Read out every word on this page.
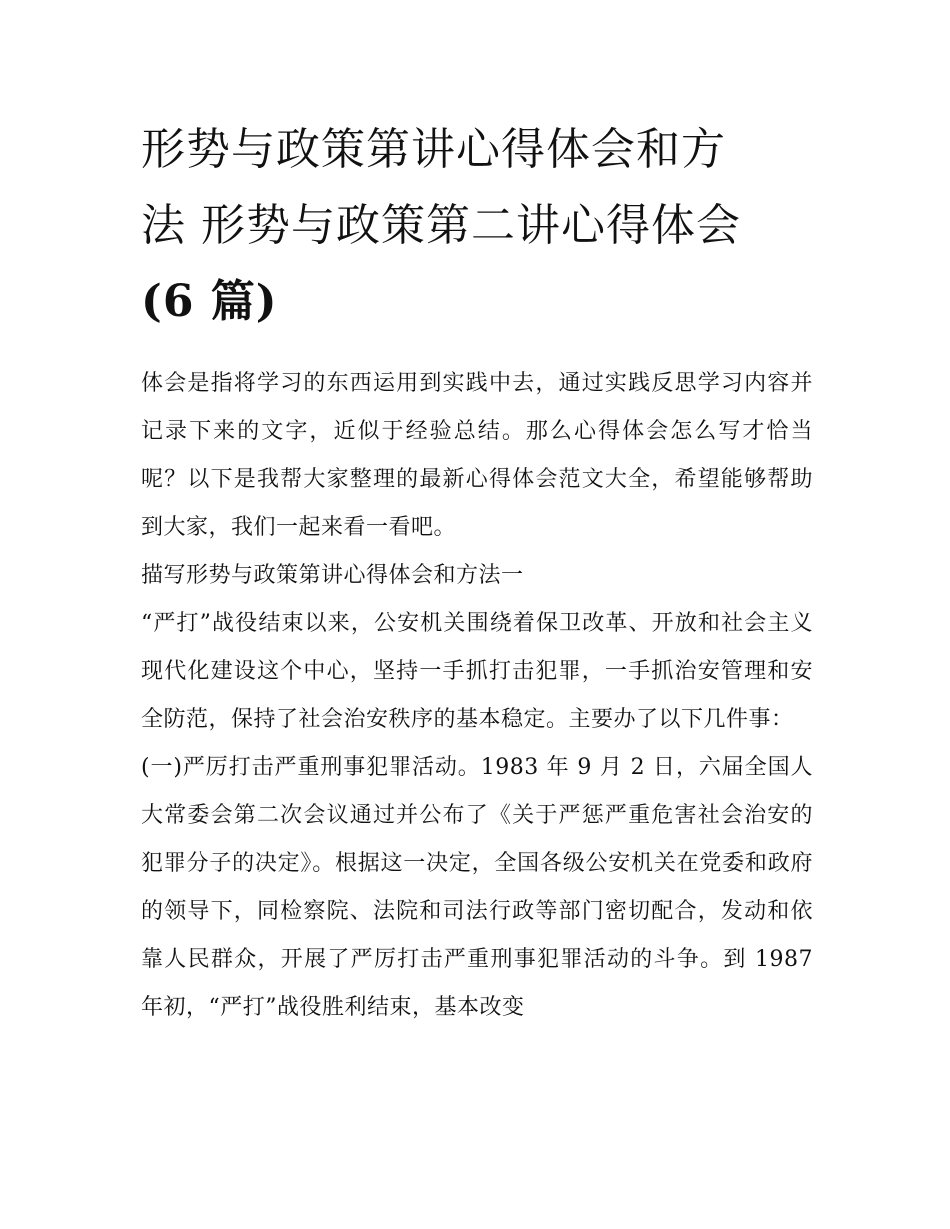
形势与政策第讲心得体会和方
法 形势与政策第二讲心得体会
(6 篇)

体会是指将学习的东西运用到实践中去，通过实践反思学习内容并记录下来的文字，近似于经验总结。那么心得体会怎么写才恰当呢？以下是我帮大家整理的最新心得体会范文大全，希望能够帮助到大家，我们一起来看一看吧。

描写形势与政策第讲心得体会和方法一

“严打”战役结束以来，公安机关围绕着保卫改革、开放和社会主义现代化建设这个中心，坚持一手抓打击犯罪，一手抓治安管理和安全防范，保持了社会治安秩序的基本稳定。主要办了以下几件事：

(一)严厉打击严重刑事犯罪活动。1983 年 9 月 2 日，六届全国人大常委会第二次会议通过并公布了《关于严惩严重危害社会治安的犯罪分子的决定》。根据这一决定，全国各级公安机关在党委和政府的领导下，同检察院、法院和司法行政等部门密切配合，发动和依靠人民群众，开展了严厉打击严重刑事犯罪活动的斗争。到 1987 年初，“严打”战役胜利结束，基本改变
